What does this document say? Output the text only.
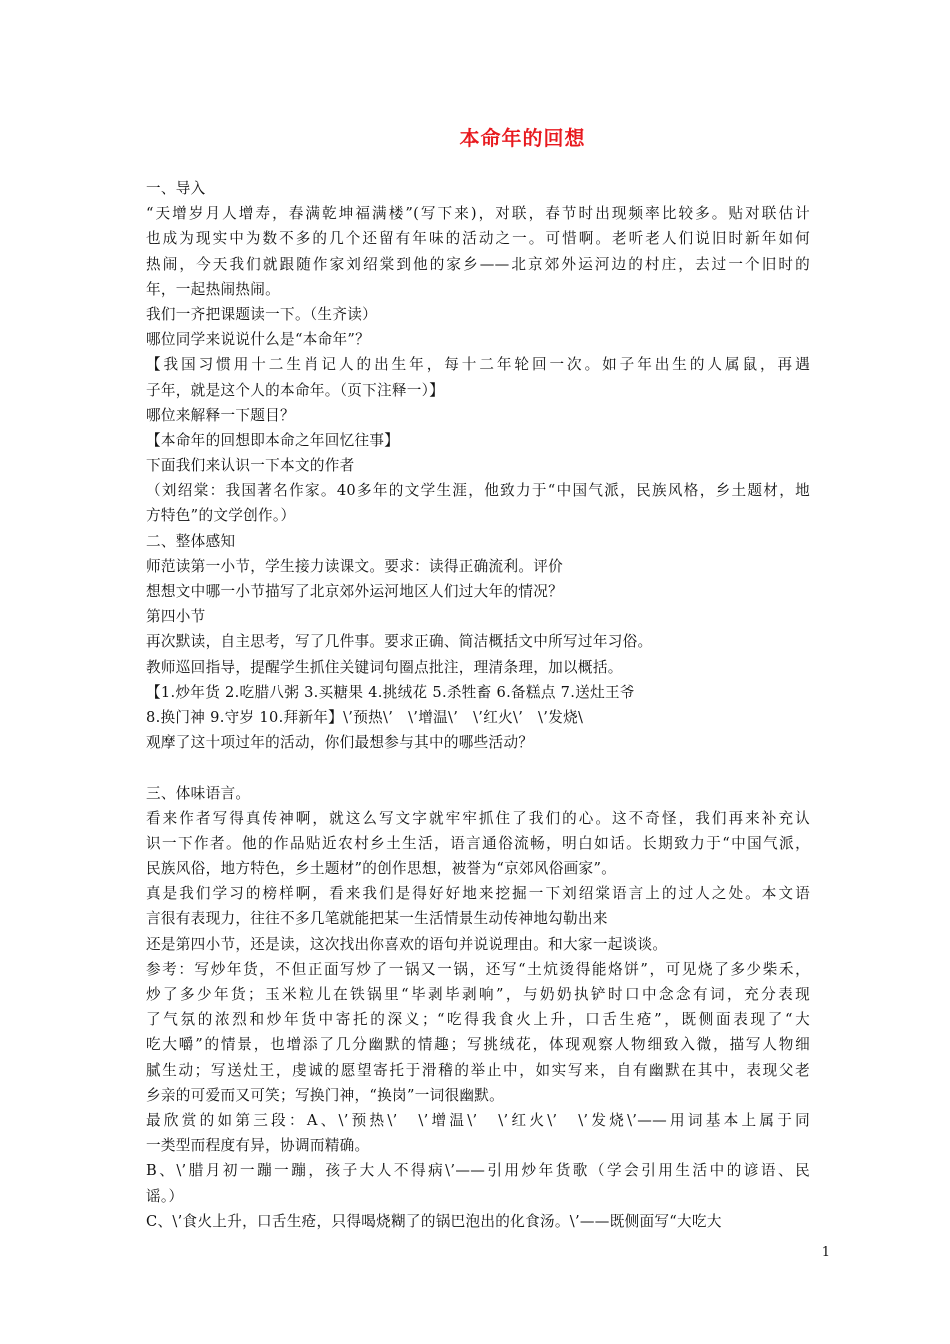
本命年的回想
一、导入
“天增岁月人增寿，春满乾坤福满楼”(写下来)，对联，春节时出现频率比较多。贴对联估计
也成为现实中为数不多的几个还留有年味的活动之一。可惜啊。老听老人们说旧时新年如何
热闹，今天我们就跟随作家刘绍棠到他的家乡——北京郊外运河边的村庄，去过一个旧时的
年，一起热闹热闹。
我们一齐把课题读一下。（生齐读）
哪位同学来说说什么是“本命年”？
【我国习惯用十二生肖记人的出生年，每十二年轮回一次。如子年出生的人属鼠，再遇
子年，就是这个人的本命年。（页下注释一）】
哪位来解释一下题目？
【本命年的回想即本命之年回忆往事】
下面我们来认识一下本文的作者
（刘绍棠：我国著名作家。40多年的文学生涯，他致力于“中国气派，民族风格，乡土题材，地
方特色”的文学创作。）
二、整体感知
师范读第一小节，学生接力读课文。要求：读得正确流利。评价
想想文中哪一小节描写了北京郊外运河地区人们过大年的情况？
第四小节
再次默读，自主思考，写了几件事。要求正确、简洁概括文中所写过年习俗。
教师巡回指导，提醒学生抓住关键词句圈点批注，理清条理，加以概括。
【1.炒年货 2.吃腊八粥 3.买糖果 4.挑绒花 5.杀牲畜 6.备糕点 7.送灶王爷
8.换门神 9.守岁 10.拜新年】\’预热\’　\’增温\’　\’红火\’　\’发烧\
观摩了这十项过年的活动，你们最想参与其中的哪些活动？
三、体味语言。
看来作者写得真传神啊，就这么写文字就牢牢抓住了我们的心。这不奇怪，我们再来补充认
识一下作者。他的作品贴近农村乡土生活，语言通俗流畅，明白如话。长期致力于“中国气派，
民族风俗，地方特色，乡土题材”的创作思想，被誉为“京郊风俗画家”。
真是我们学习的榜样啊，看来我们是得好好地来挖掘一下刘绍棠语言上的过人之处。本文语
言很有表现力，往往不多几笔就能把某一生活情景生动传神地勾勒出来
还是第四小节，还是读，这次找出你喜欢的语句并说说理由。和大家一起谈谈。
参考：写炒年货，不但正面写炒了一锅又一锅，还写“土炕烫得能烙饼”，可见烧了多少柴禾，
炒了多少年货；玉米粒儿在铁锅里“毕剥毕剥响”，与奶奶执铲时口中念念有词，充分表现
了气氛的浓烈和炒年货中寄托的深义；“吃得我食火上升，口舌生疮”，既侧面表现了“大
吃大嚼”的情景，也增添了几分幽默的情趣；写挑绒花，体现观察人物细致入微，描写人物细
腻生动；写送灶王，虔诚的愿望寄托于滑稽的举止中，如实写来，自有幽默在其中，表现父老
乡亲的可爱而又可笑；写换门神，“换岗”一词很幽默。
最欣赏的如第三段：A、\’预热\’　\’增温\’　\’红火\’　\’发烧\’——用词基本上属于同
一类型而程度有异，协调而精确。
B、\’腊月初一蹦一蹦，孩子大人不得病\’——引用炒年货歌（学会引用生活中的谚语、民
谣。）
C、\’食火上升，口舌生疮，只得喝烧糊了的锅巴泡出的化食汤。\’——既侧面写“大吃大
1
